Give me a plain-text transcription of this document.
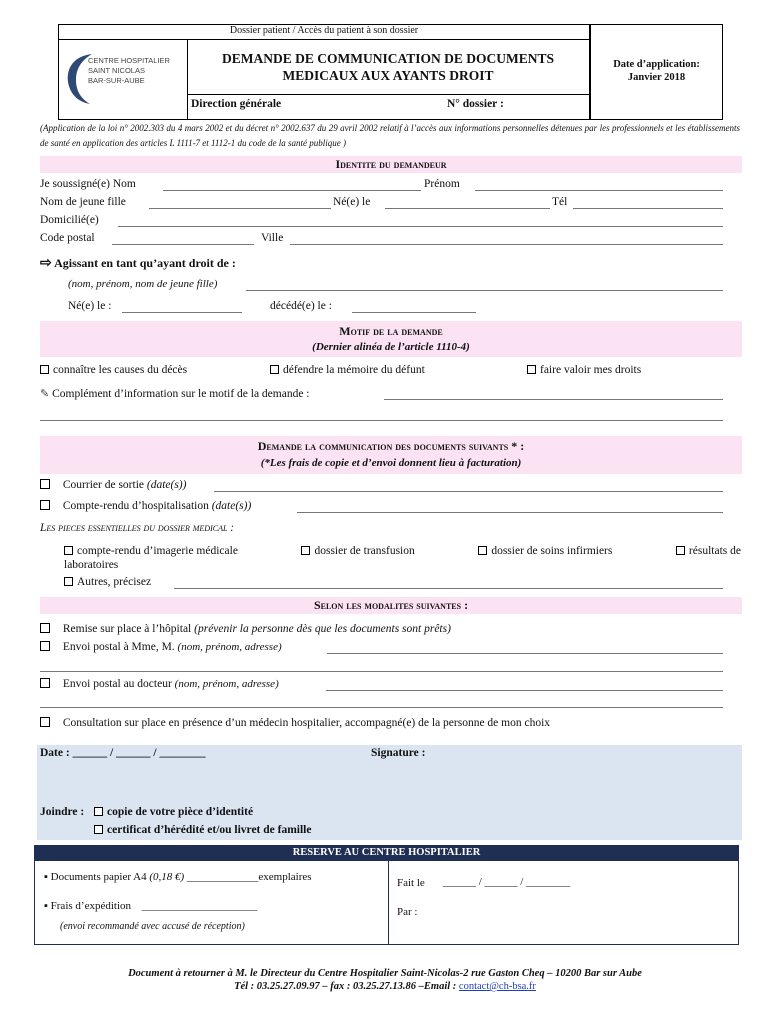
Dossier patient / Accès du patient à son dossier
CENTRE HOSPITALIER
SAINT NICOLAS
BAR-SUR-AUBE
DEMANDE DE COMMUNICATION DE DOCUMENTS
MEDICAUX AUX AYANTS DROIT
Direction générale	N° dossier :
Date d’application:
Janvier 2018
(Application de la loi n° 2002.303 du 4 mars 2002 et du décret n° 2002.637 du 29 avril 2002 relatif à l’accès aux informations personnelles détenues par les professionnels et les établissements de santé en application des articles L 1111-7 et 1112-1 du code de la santé publique )
Identite du demandeur
Je soussigné(e) Nom	Prénom
Nom de jeune fille	Né(e) le	Tél
Domicilié(e)
Code postal	Ville
⇨ Agissant en tant qu’ayant droit de :
(nom, prénom, nom de jeune fille)
Né(e) le :	décédé(e) le :
Motif de la demande
(Dernier alinéa de l’article 1110-4)
connaître les causes du décès	défendre la mémoire du défunt	faire valoir mes droits
✎ Complément d’information sur le motif de la demande :
Demande la communication des documents suivants * :
(*Les frais de copie et d’envoi donnent lieu à facturation)
Courrier de sortie (date(s))
Compte-rendu d’hospitalisation (date(s))
Les pieces essentielles du dossier medical :
compte-rendu d’imagerie médicale	dossier de transfusion	dossier de soins infirmiers	résultats de
laboratoires
Autres, précisez
Selon les modalites suivantes :
Remise sur place à l’hôpital (prévenir la personne dès que les documents sont prêts)
Envoi postal à Mme, M. (nom, prénom, adresse)
Envoi postal au docteur (nom, prénom, adresse)
Consultation sur place en présence d’un médecin hospitalier, accompagné(e) de la personne de mon choix
Date : ______ / ______ / ________	Signature :
Joindre :	copie de votre pièce d’identité
certificat d’hérédité et/ou livret de famille
RESERVE AU CENTRE HOSPITALIER
▪ Documents papier A4 (0,18 €) _____________exemplaires
▪ Frais d’expédition _____________________
(envoi recommandé avec accusé de réception)
Fait le ______ / ______ / ________
Par :
Document à retourner à M. le Directeur du Centre Hospitalier Saint-Nicolas-2 rue Gaston Cheq – 10200 Bar sur Aube
Tél : 03.25.27.09.97 – fax : 03.25.27.13.86 –Email : contact@ch-bsa.fr
